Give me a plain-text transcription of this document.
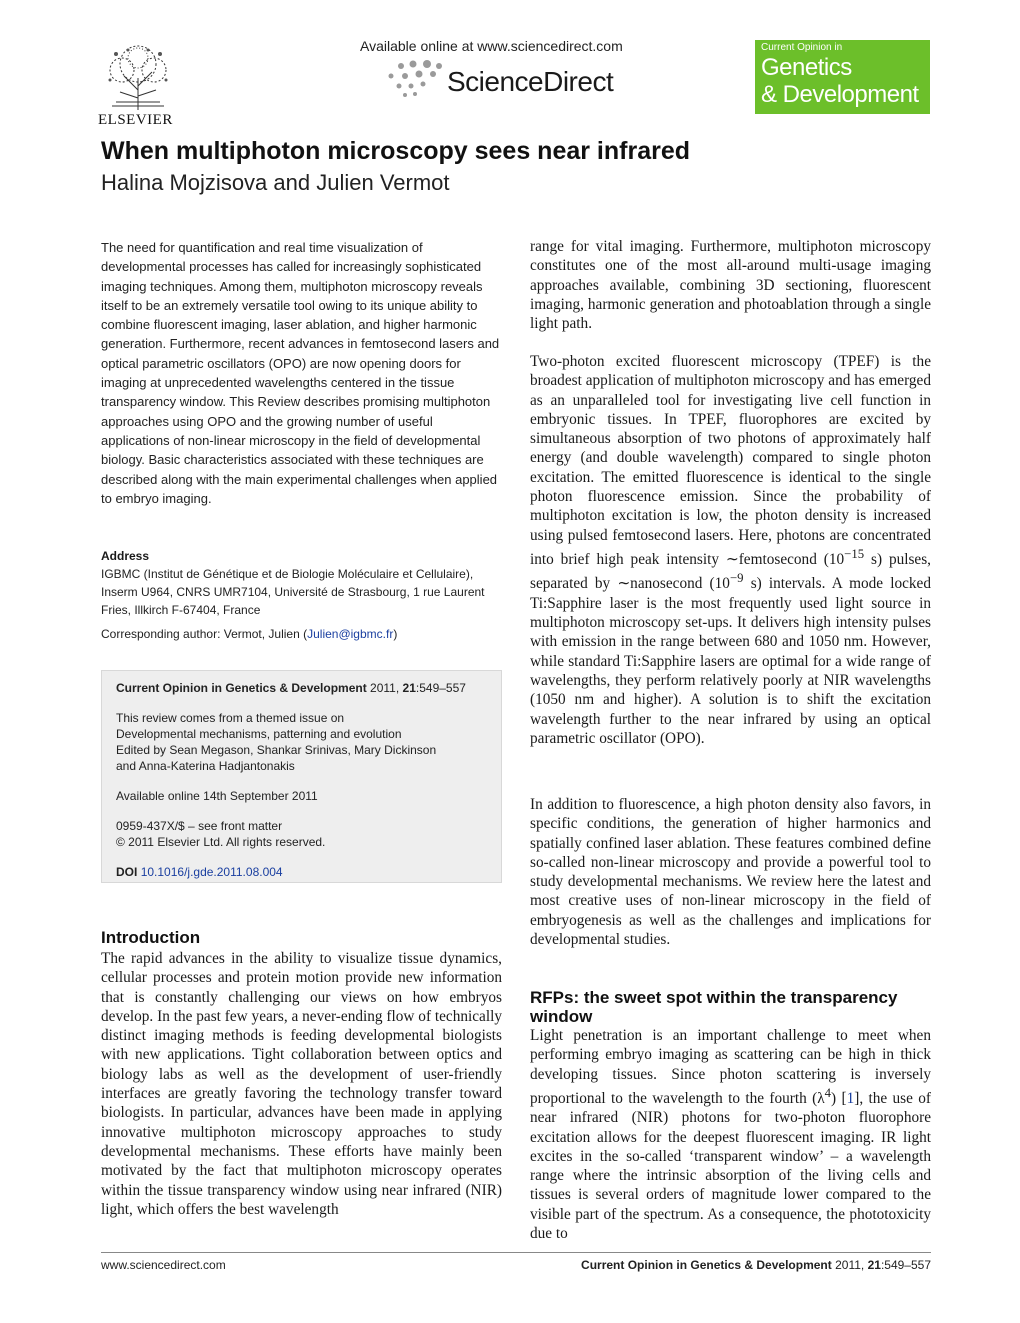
ELSEVIER
Available online at www.sciencedirect.com
ScienceDirect
Current Opinion in
Genetics
& Development
When multiphoton microscopy sees near infrared
Halina Mojzisova and Julien Vermot

The need for quantification and real time visualization of developmental processes has called for increasingly sophisticated imaging techniques. Among them, multiphoton microscopy reveals itself to be an extremely versatile tool owing to its unique ability to combine fluorescent imaging, laser ablation, and higher harmonic generation. Furthermore, recent advances in femtosecond lasers and optical parametric oscillators (OPO) are now opening doors for imaging at unprecedented wavelengths centered in the tissue transparency window. This Review describes promising multiphoton approaches using OPO and the growing number of useful applications of non-linear microscopy in the field of developmental biology. Basic characteristics associated with these techniques are described along with the main experimental challenges when applied to embryo imaging.

Address

IGBMC (Institut de Génétique et de Biologie Moléculaire et Cellulaire), Inserm U964, CNRS UMR7104, Université de Strasbourg, 1 rue Laurent Fries, Illkirch F-67404, France

Corresponding author: Vermot, Julien (Julien@igbmc.fr)
Current Opinion in Genetics & Development 2011, 21:549–557
This review comes from a themed issue on
Developmental mechanisms, patterning and evolution
Edited by Sean Megason, Shankar Srinivas, Mary Dickinson
and Anna-Katerina Hadjantonakis
Available online 14th September 2011
0959-437X/$ – see front matter
© 2011 Elsevier Ltd. All rights reserved.
DOI 10.1016/j.gde.2011.08.004
Introduction

The rapid advances in the ability to visualize tissue dynamics, cellular processes and protein motion provide new information that is constantly challenging our views on how embryos develop. In the past few years, a never-ending flow of technically distinct imaging methods is feeding developmental biologists with new applications. Tight collaboration between optics and biology labs as well as the development of user-friendly interfaces are greatly favoring the technology transfer toward biologists. In particular, advances have been made in applying innovative multiphoton microscopy approaches to study developmental mechanisms. These efforts have mainly been motivated by the fact that multiphoton microscopy operates within the tissue transparency window using near infrared (NIR) light, which offers the best wavelength

range for vital imaging. Furthermore, multiphoton microscopy constitutes one of the most all-around multi-usage imaging approaches available, combining 3D sectioning, fluorescent imaging, harmonic generation and photoablation through a single light path.

Two-photon excited fluorescent microscopy (TPEF) is the broadest application of multiphoton microscopy and has emerged as an unparalleled tool for investigating live cell function in embryonic tissues. In TPEF, fluorophores are excited by simultaneous absorption of two photons of approximately half energy (and double wavelength) compared to single photon excitation. The emitted fluorescence is identical to the single photon fluorescence emission. Since the probability of multiphoton excitation is low, the photon density is increased using pulsed femtosecond lasers. Here, photons are concentrated into brief high peak intensity ∼femtosecond ($10^{-15}$ s) pulses, separated by ∼nanosecond ($10^{-9}$ s) intervals. A mode locked Ti:Sapphire laser is the most frequently used light source in multiphoton microscopy set-ups. It delivers high intensity pulses with emission in the range between 680 and 1050 nm. However, while standard Ti:Sapphire lasers are optimal for a wide range of wavelengths, they perform relatively poorly at NIR wavelengths (1050 nm and higher). A solution is to shift the excitation wavelength further to the near infrared by using an optical parametric oscillator (OPO).

In addition to fluorescence, a high photon density also favors, in specific conditions, the generation of higher harmonics and spatially confined laser ablation. These features combined define so-called non-linear microscopy and provide a powerful tool to study developmental mechanisms. We review here the latest and most creative uses of non-linear microscopy in the field of embryogenesis as well as the challenges and implications for developmental studies.

RFPs: the sweet spot within the transparency window

Light penetration is an important challenge to meet when performing embryo imaging as scattering can be high in thick developing tissues. Since photon scattering is inversely proportional to the wavelength to the fourth $(\lambda^4)$ [1], the use of near infrared (NIR) photons for two-photon fluorophore excitation allows for the deepest fluorescent imaging. IR light excites in the so-called ‘transparent window’ – a wavelength range where the intrinsic absorption of the living cells and tissues is several orders of magnitude lower compared to the visible part of the spectrum. As a consequence, the phototoxicity due to

www.sciencedirect.com	Current Opinion in Genetics & Development 2011, 21:549–557
